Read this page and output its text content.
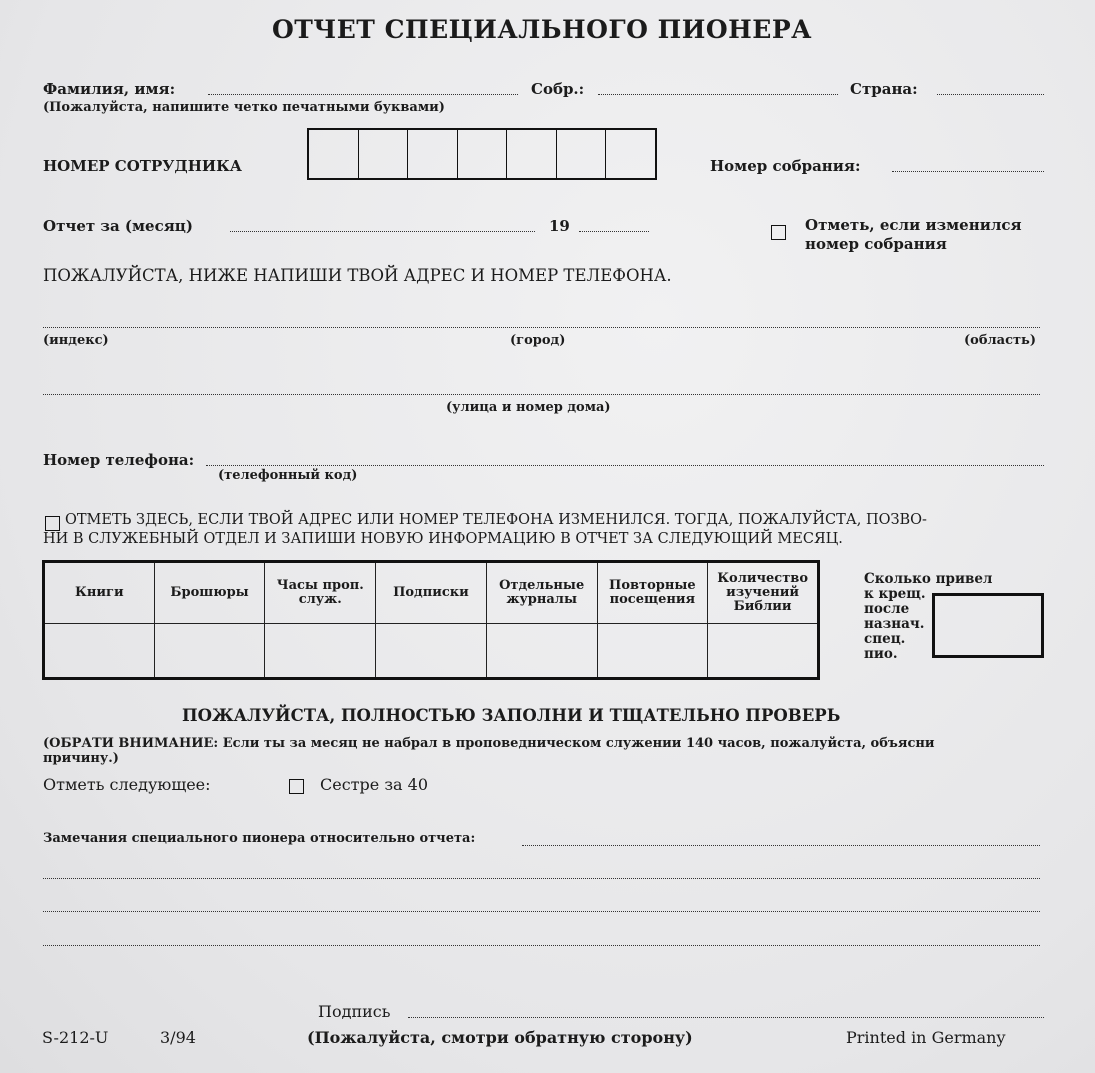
ОТЧЕТ СПЕЦИАЛЬНОГО ПИОНЕРА
Фамилия, имя:	Собр.:	Страна:
(Пожалуйста, напишите четко печатными буквами)
НОМЕР СОТРУДНИКА	Номер собрания:
Отчет за (месяц)	19	Отметь, если изменился
номер собрания
ПОЖАЛУЙСТА, НИЖЕ НАПИШИ ТВОЙ АДРЕС И НОМЕР ТЕЛЕФОНА.
(индекс)	(город)	(область)
(улица и номер дома)
Номер телефона:
(телефонный код)
ОТМЕТЬ ЗДЕСЬ, ЕСЛИ ТВОЙ АДРЕС ИЛИ НОМЕР ТЕЛЕФОНА ИЗМЕНИЛСЯ. ТОГДА, ПОЖАЛУЙСТА, ПОЗВО-
НИ В СЛУЖЕБНЫЙ ОТДЕЛ И ЗАПИШИ НОВУЮ ИНФОРМАЦИЮ В ОТЧЕТ ЗА СЛЕДУЮЩИЙ МЕСЯЦ.
Книги	Брошюры	Часы проп. служ.	Подписки	Отдельные журналы	Повторные посещения	Количество изучений Библии

Сколько привел
к крещ.
после
назнач.
спец.
пио.
ПОЖАЛУЙСТА, ПОЛНОСТЬЮ ЗАПОЛНИ И ТЩАТЕЛЬНО ПРОВЕРЬ
(ОБРАТИ ВНИМАНИЕ: Если ты за месяц не набрал в проповедническом служении 140 часов, пожалуйста, объясни
причину.)
Отметь следующее:	Сестре за 40
Замечания специального пионера относительно отчета:
Подпись
S-212-U	3/94	(Пожалуйста, смотри обратную сторону)	Printed in Germany
